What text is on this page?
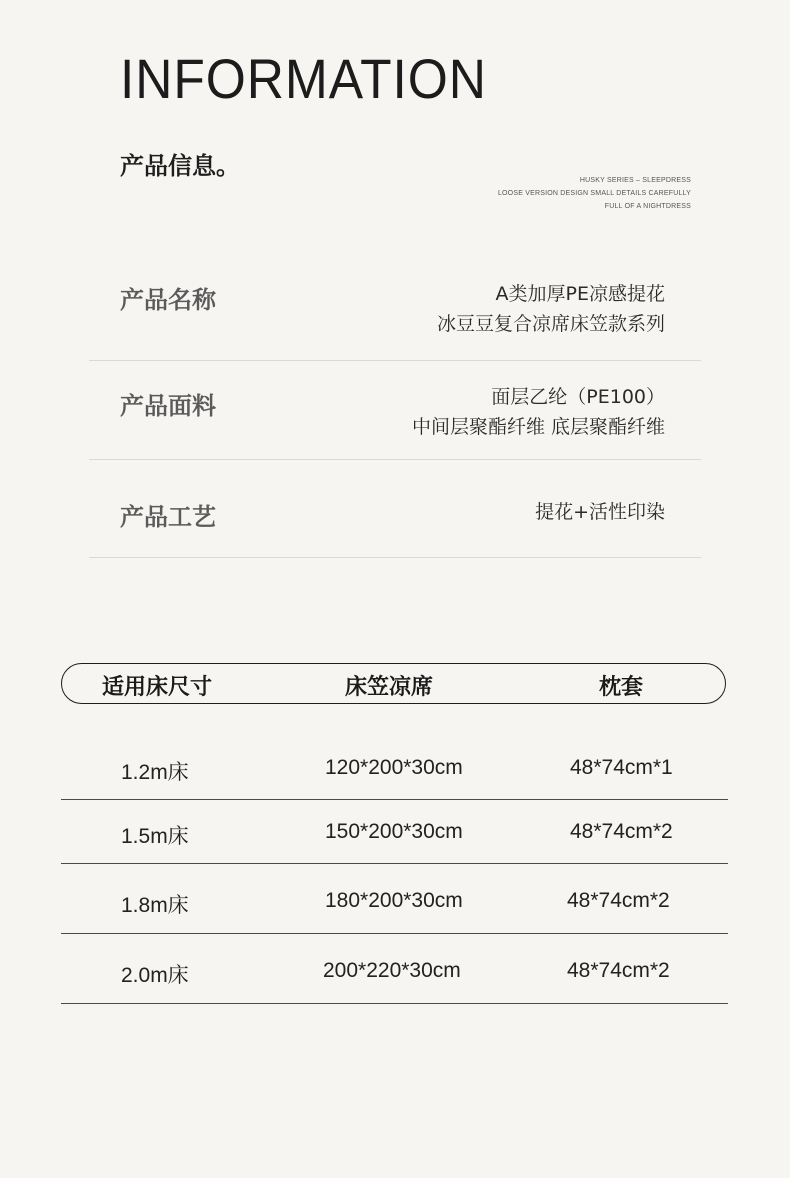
INFORMATION
产品信息。
HUSKY SERIES – SLEEPDRESS
LOOSE VERSION DESIGN SMALL DETAILS CAREFULLY
FULL OF A NIGHTDRESS
产品名称	A类加厚PE凉感提花
冰豆豆复合凉席床笠款系列
产品面料	面层乙纶（PE100）
中间层聚酯纤维 底层聚酯纤维
产品工艺	提花+活性印染
适用床尺寸	床笠凉席	枕套
1.2m床	120*200*30cm	48*74cm*1
1.5m床	150*200*30cm	48*74cm*2
1.8m床	180*200*30cm	48*74cm*2
2.0m床	200*220*30cm	48*74cm*2
